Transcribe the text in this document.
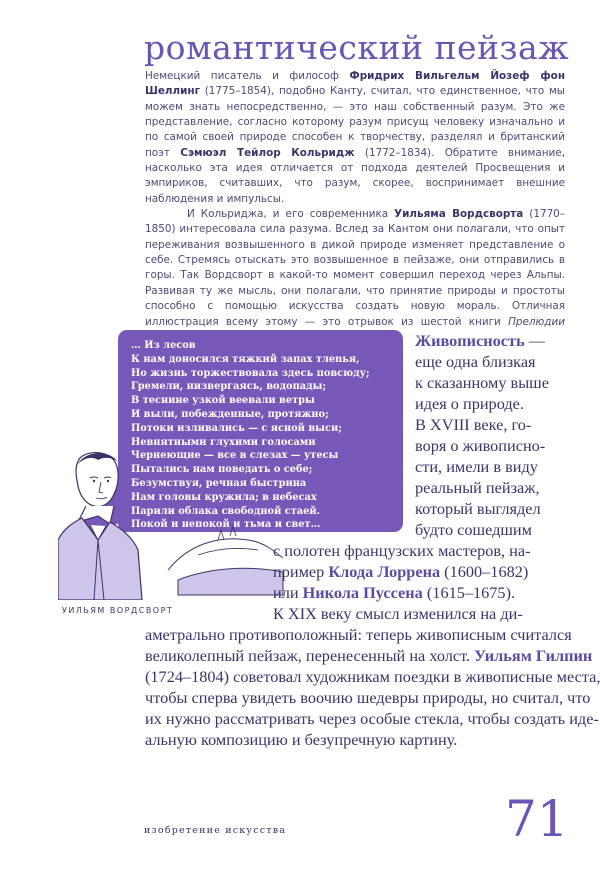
романтический пейзаж

Немецкий писатель и философ Фридрих Вильгельм Йозеф фон Шеллинг (1775–1854), подобно Канту, считал, что единственное, что мы можем знать непосредственно, — это наш собственный разум. Это же представление, согласно которому разум присущ человеку изначально и по самой своей природе способен к творчеству, разделял и британский поэт Сэмюэл Тейлор Кольридж (1772–1834). Обратите внимание, насколько эта идея отличается от подхода деятелей Просвещения и эмпириков, считавших, что разум, скорее, воспринимает внешние наблюдения и импульсы.

И Кольриджа, и его современника Уильяма Вордсворта (1770–1850) интересовала сила разума. Вслед за Кантом они полагали, что опыт переживания возвышенного в дикой природе изменяет представление о себе. Стремясь отыскать это возвышенное в пейзаже, они отправились в горы. Так Вордсворт в какой-то момент совершил переход через Альпы. Развивая ту же мысль, они полагали, что принятие природы и простоты способно с помощью искусства создать новую мораль. Отличная иллюстрация всему этому — это отрывок из шестой книги Прелюдии

… Из лесов
К нам доносился тяжкий запах тлеnья,
Но жизнь торжествовала здесь повсюду;
Гремели, низвергаясь, водопады;
В теснине узкой веевали ветры
И выли, побежденные, протяжно;
Потоки изливались — с ясной выси;
Невнятными глухими голосами
Чернеющие — все в слезах — утесы
Пытались нам поведать о себе;
Безумствуя, речная быстрина
Нам головы кружила; в небесах
Парили облака свободной стаей.
Покой и непокой и тьма и свет…
УИЛЬЯМ ВОРДСВОРТ
Живописность —
еще одна близкая
к сказанному выше
идея о природе.
В XVIII веке, го-
воря о живописно-
сти, имели в виду
реальный пейзаж,
который выглядел
будто сошедшим
с полотен французских мастеров, на-
пример Клода Лоррена (1600–1682)
или Никола Пуссена (1615–1675).
К XIX веку смысл изменился на ди-
аметрально противоположный: теперь живописным считался
великолепный пейзаж, перенесенный на холст. Уильям Гилпин
(1724–1804) советовал художникам поездки в живописные места,
чтобы сперва увидеть воочию шедевры природы, но считал, что
их нужно рассматривать через особые стекла, чтобы создать иде-
альную композицию и безупречную картину.
изобретение искусства	71
